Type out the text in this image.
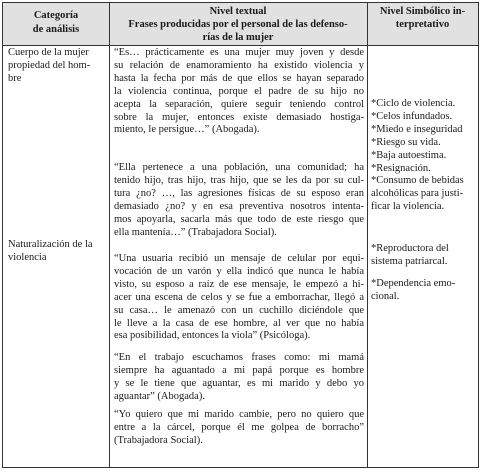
Categoría
de análisis
Nivel textual
Frases producidas por el personal de las defenso-
rías de la mujer
Nivel Simbólico in-
terpretativo
Cuerpo de la mujer
propiedad del hom-
bre
Naturalización de la
violencia
“Es… prácticamente es una mujer muy joven y desde
su relación de enamoramiento ha existido violencia y
hasta la fecha por más de que ellos se hayan separado
la violencia continua, porque el padre de su hijo no
acepta la separación, quiere seguir teniendo control
sobre la mujer, entonces existe demasiado hostiga-
miento, le persigue…” (Abogada).
“Ella pertenece a una población, una comunidad; ha
tenido hijo, tras hijo, tras hijo, que se les da por su cul-
tura ¿no? …, las agresiones físicas de su esposo eran
demasiado ¿no? y en esa preventiva nosotros intenta-
mos apoyarla, sacarla más que todo de este riesgo que
ella mantenía…” (Trabajadora Social).
“Una usuaria recibió un mensaje de celular por equi-
vocación de un varón y ella indicó que nunca le había
visto, su esposo a raíz de ese mensaje, le empezó a hi-
acer una escena de celos y se fue a emborrachar, llegó a
su casa… le amenazó con un cuchillo diciéndole que
le lleve a la casa de ese hombre, al ver que no había
esa posibilidad, entonces la viola” (Psicóloga).
“En el trabajo escuchamos frases como: mi mamá
siempre ha aguantado a mi papá porque es hombre
y se le tiene que aguantar, es mi marido y debo yo
aguantar” (Abogada).
“Yo quiero que mi marido cambie, pero no quiero que
entre a la cárcel, porque él me golpea de borracho”
(Trabajadora Social).
*Ciclo de violencia.
*Celos infundados.
*Miedo e inseguridad
*Riesgo su vida.
*Baja autoestima.
*Resignación.
*Consumo de bebidas
alcohólicas para justi-
ficar la violencia.
*Reproductora del
sistema patriarcal.
*Dependencia emo-
cional.
